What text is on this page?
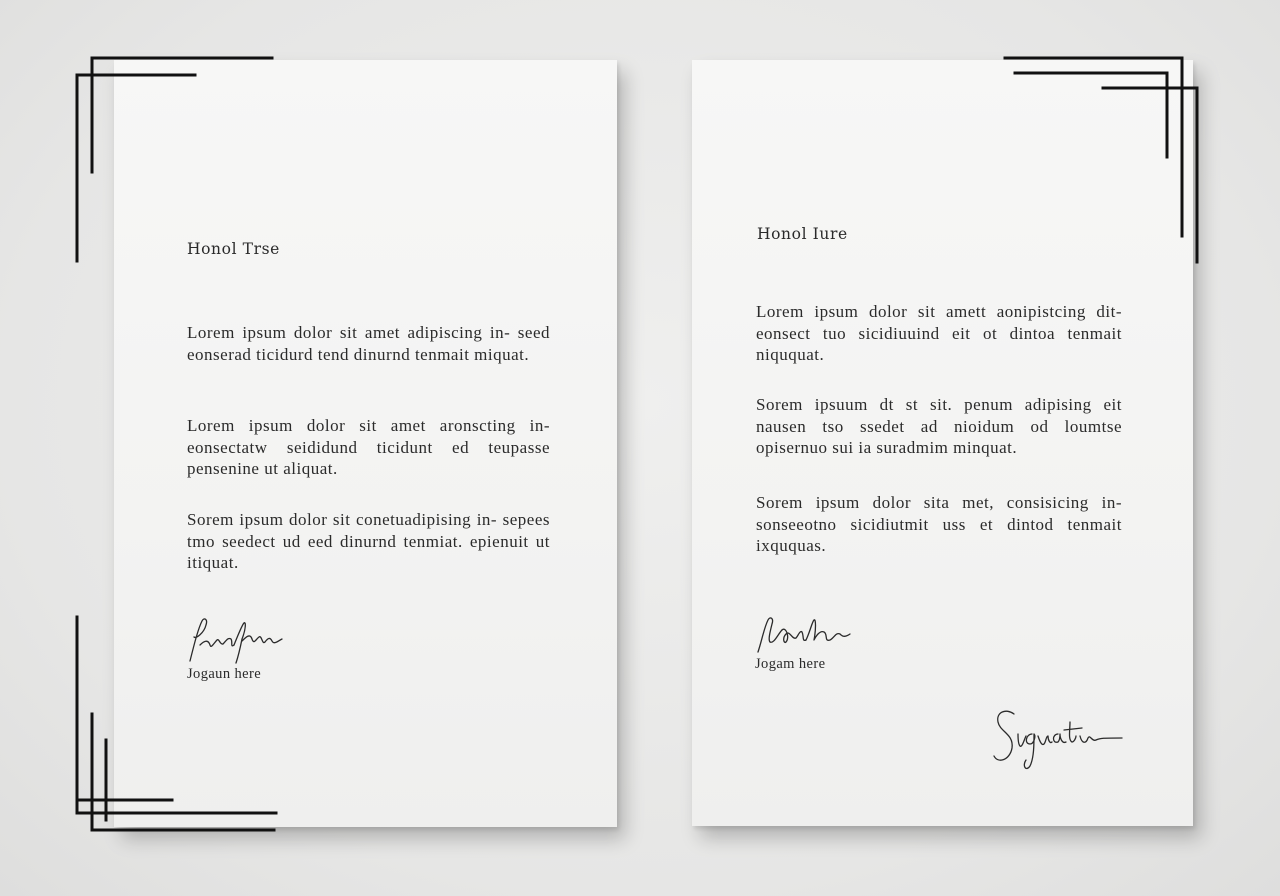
Honol Trse

Lorem ipsum dolor sit amet adipiscing in- seed eonserad ticidurd tend dinurnd tenmait miquat.

Lorem ipsum dolor sit amet aronscting in- eonsectatw seididund ticidunt ed teupasse pensenine ut aliquat.

Sorem ipsum dolor sit conetuadipising in- sepees tmo seedect ud eed dinurnd tenmiat. epienuit ut itiquat.

Jogaun here

Honol Iure

Lorem ipsum dolor sit amett aonipistcing dit- eonsect tuo sicidiuuind eit ot dintoa tenmait niququat.

Sorem ipsuum dt st sit. penum adipising eit nausen tso ssedet ad nioidum od loumtse opisernuo sui ia suradmim minquat.

Sorem ipsum dolor sita met, consisicing in- sonseeotno sicidiutmit uss et dintod tenmait ixququas.

Jogam here
